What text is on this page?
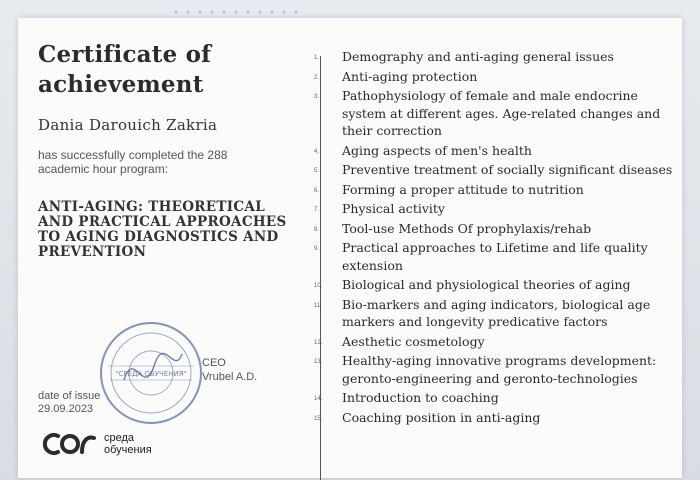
Certificate of achievement
Dania Darouich Zakria
has successfully completed the 288 academic hour program:
ANTI-AGING: THEORETICAL AND PRACTICAL APPROACHES TO AGING DIAGNOSTICS AND PREVENTION
"СРЕДА ОБУЧЕНИЯ"
CEO
Vrubel A.D.
date of issue
29.09.2023
среда
обучения
1.	Demography and anti-aging general issues
2.	Anti-aging protection
3.	Pathophysiology of female and male endocrine system at different ages. Age-related changes and their correction
4.	Aging aspects of men's health
5.	Preventive treatment of socially significant diseases
6.	Forming a proper attitude to nutrition
7.	Physical activity
8.	Tool-use Methods Of prophylaxis/rehab
9.	Practical approaches to Lifetime and life quality extension
10.	Biological and physiological theories of aging
11.	Bio-markers and aging indicators, biological age markers and longevity predicative factors
12.	Aesthetic cosmetology
13.	Healthy-aging innovative programs development: geronto-engineering and geronto-technologies
14.	Introduction to coaching
15.	Coaching position in anti-aging
